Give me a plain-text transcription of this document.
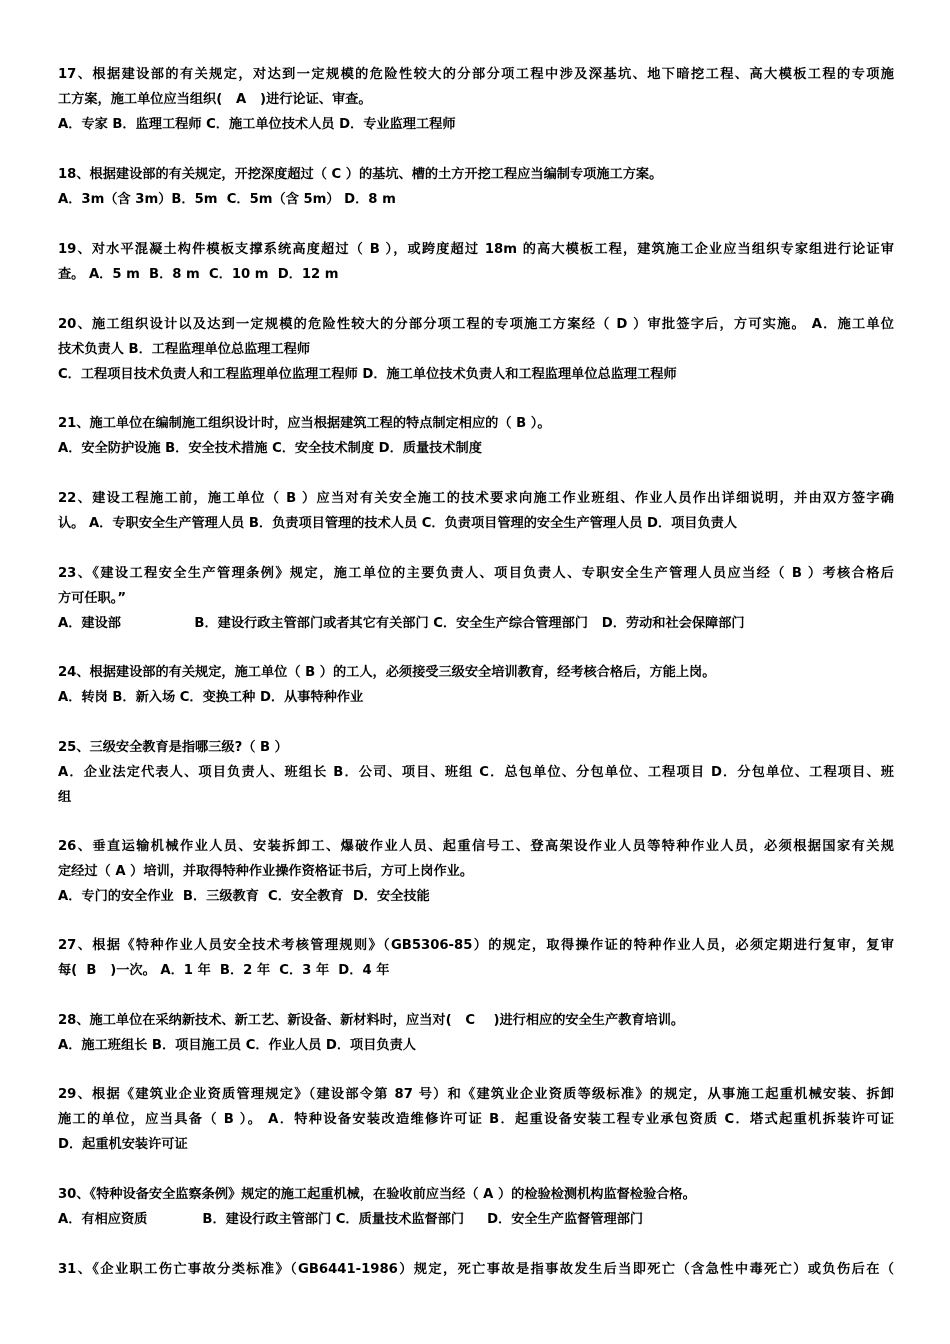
17、根据建设部的有关规定，对达到一定规模的危险性较大的分部分项工程中涉及深基坑、地下暗挖工程、高大模板工程的专项施
工方案，施工单位应当组织(   A   )进行论证、审查。
A．专家 B．监理工程师 C．施工单位技术人员 D．专业监理工程师
18、根据建设部的有关规定，开挖深度超过（ C ）的基坑、槽的土方开挖工程应当编制专项施工方案。
A．3m（含 3m）B．5m  C．5m（含 5m） D．8 m
19、对水平混凝土构件模板支撑系统高度超过（ B ），或跨度超过 18m 的高大模板工程，建筑施工企业应当组织专家组进行论证审
查。 A．5 m  B．8 m  C．10 m  D．12 m
20、施工组织设计以及达到一定规模的危险性较大的分部分项工程的专项施工方案经（ D ）审批签字后，方可实施。 A．施工单位
技术负责人 B．工程监理单位总监理工程师
C．工程项目技术负责人和工程监理单位监理工程师 D．施工单位技术负责人和工程监理单位总监理工程师
21、施工单位在编制施工组织设计时，应当根据建筑工程的特点制定相应的（ B ）。
A．安全防护设施 B．安全技术措施 C．安全技术制度 D．质量技术制度
22、建设工程施工前，施工单位（ B ）应当对有关安全施工的技术要求向施工作业班组、作业人员作出详细说明，并由双方签字确
认。 A．专职安全生产管理人员 B．负责项目管理的技术人员 C．负责项目管理的安全生产管理人员 D．项目负责人
23、《建设工程安全生产管理条例》规定，施工单位的主要负责人、项目负责人、专职安全生产管理人员应当经（ B ）考核合格后
方可任职。”
A．建设部                B．建设行政主管部门或者其它有关部门 C．安全生产综合管理部门   D．劳动和社会保障部门
24、根据建设部的有关规定，施工单位（ B ）的工人，必须接受三级安全培训教育，经考核合格后，方能上岗。
A．转岗 B．新入场 C．变换工种 D．从事特种作业
25、三级安全教育是指哪三级?（ B ）
A．企业法定代表人、项目负责人、班组长 B．公司、项目、班组 C．总包单位、分包单位、工程项目 D．分包单位、工程项目、班
组
26、垂直运输机械作业人员、安装拆卸工、爆破作业人员、起重信号工、登高架设作业人员等特种作业人员，必须根据国家有关规
定经过（ A ）培训，并取得特种作业操作资格证书后，方可上岗作业。
A．专门的安全作业  B．三级教育  C．安全教育  D．安全技能
27、根据《特种作业人员安全技术考核管理规则》（GB5306-85）的规定，取得操作证的特种作业人员，必须定期进行复审，复审
每(  B   )一次。 A．1 年  B．2 年  C．3 年  D．4 年
28、施工单位在采纳新技术、新工艺、新设备、新材料时，应当对(   C    )进行相应的安全生产教育培训。
A．施工班组长 B．项目施工员 C．作业人员 D．项目负责人
29、根据《建筑业企业资质管理规定》（建设部令第 87 号）和《建筑业企业资质等级标准》的规定，从事施工起重机械安装、拆卸
施工的单位，应当具备（ B ）。 A．特种设备安装改造维修许可证 B．起重设备安装工程专业承包资质 C．塔式起重机拆装许可证
D．起重机安装许可证
30、《特种设备安全监察条例》规定的施工起重机械，在验收前应当经（ A ）的检验检测机构监督检验合格。
A．有相应资质            B．建设行政主管部门 C．质量技术监督部门     D．安全生产监督管理部门
31、《企业职工伤亡事故分类标准》（GB6441-1986）规定，死亡事故是指事故发生后当即死亡（含急性中毒死亡）或负伤后在（
